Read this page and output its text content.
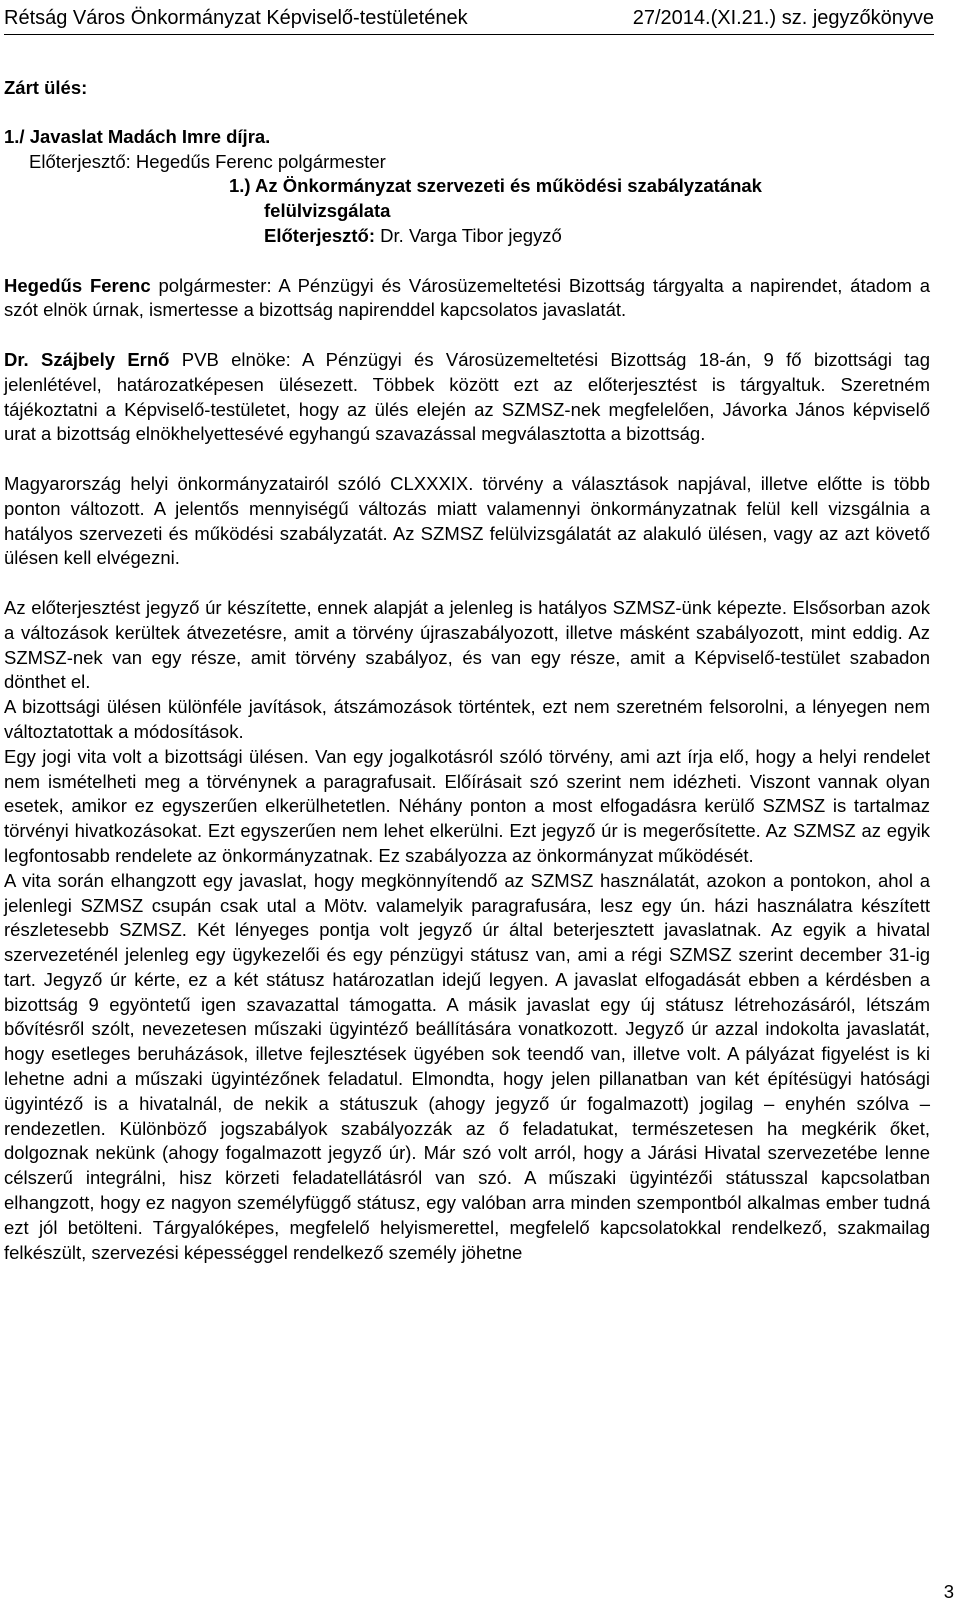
Rétság Város Önkormányzat Képviselő-testületének	27/2014.(XI.21.) sz. jegyzőkönyve

Zárt ülés:

1./ Javaslat Madách Imre díjra.

Előterjesztő: Hegedűs Ferenc polgármester

1.) Az Önkormányzat szervezeti és működési szabályzatának

felülvizsgálata

Előterjesztő: Dr. Varga Tibor jegyző

Hegedűs Ferenc polgármester: A Pénzügyi és Városüzemeltetési Bizottság tárgyalta a napirendet, átadom a szót elnök úrnak, ismertesse a bizottság napirenddel kapcsolatos javaslatát.

Dr. Szájbely Ernő PVB elnöke: A Pénzügyi és Városüzemeltetési Bizottság 18-án, 9 fő bizottsági tag jelenlétével, határozatképesen ülésezett. Többek között ezt az előterjesztést is tárgyaltuk. Szeretném tájékoztatni a Képviselő-testületet, hogy az ülés elején az SZMSZ-nek megfelelően, Jávorka János képviselő urat a bizottság elnökhelyettesévé egyhangú szavazással megválasztotta a bizottság.

Magyarország helyi önkormányzatairól szóló CLXXXIX. törvény a választások napjával, illetve előtte is több ponton változott. A jelentős mennyiségű változás miatt valamennyi önkormányzatnak felül kell vizsgálnia a hatályos szervezeti és működési szabályzatát. Az SZMSZ felülvizsgálatát az alakuló ülésen, vagy az azt követő ülésen kell elvégezni.

Az előterjesztést jegyző úr készítette, ennek alapját a jelenleg is hatályos SZMSZ-ünk képezte. Elsősorban azok a változások kerültek átvezetésre, amit a törvény újraszabályozott, illetve másként szabályozott, mint eddig. Az SZMSZ-nek van egy része, amit törvény szabályoz, és van egy része, amit a Képviselő-testület szabadon dönthet el.

A bizottsági ülésen különféle javítások, átszámozások történtek, ezt nem szeretném felsorolni, a lényegen nem változtatottak a módosítások.

Egy jogi vita volt a bizottsági ülésen. Van egy jogalkotásról szóló törvény, ami azt írja elő, hogy a helyi rendelet nem ismételheti meg a törvénynek a paragrafusait. Előírásait szó szerint nem idézheti. Viszont vannak olyan esetek, amikor ez egyszerűen elkerülhetetlen. Néhány ponton a most elfogadásra kerülő SZMSZ is tartalmaz törvényi hivatkozásokat. Ezt egyszerűen nem lehet elkerülni. Ezt jegyző úr is megerősítette. Az SZMSZ az egyik legfontosabb rendelete az önkormányzatnak. Ez szabályozza az önkormányzat működését.

A vita során elhangzott egy javaslat, hogy megkönnyítendő az SZMSZ használatát, azokon a pontokon, ahol a jelenlegi SZMSZ csupán csak utal a Mötv. valamelyik paragrafusára, lesz egy ún. házi használatra készített részletesebb SZMSZ. Két lényeges pontja volt jegyző úr által beterjesztett javaslatnak. Az egyik a hivatal szervezeténél jelenleg egy ügykezelői és egy pénzügyi státusz van, ami a régi SZMSZ szerint december 31-ig tart. Jegyző úr kérte, ez a két státusz határozatlan idejű legyen. A javaslat elfogadását ebben a kérdésben a bizottság 9 egyöntetű igen szavazattal támogatta. A másik javaslat egy új státusz létrehozásáról, létszám bővítésről szólt, nevezetesen műszaki ügyintéző beállítására vonatkozott. Jegyző úr azzal indokolta javaslatát, hogy esetleges beruházások, illetve fejlesztések ügyében sok teendő van, illetve volt. A pályázat figyelést is ki lehetne adni a műszaki ügyintézőnek feladatul. Elmondta, hogy jelen pillanatban van két építésügyi hatósági ügyintéző is a hivatalnál, de nekik a státuszuk (ahogy jegyző úr fogalmazott) jogilag – enyhén szólva – rendezetlen. Különböző jogszabályok szabályozzák az ő feladatukat, természetesen ha megkérik őket, dolgoznak nekünk (ahogy fogalmazott jegyző úr). Már szó volt arról, hogy a Járási Hivatal szervezetébe lenne célszerű integrálni, hisz körzeti feladatellátásról van szó. A műszaki ügyintézői státusszal kapcsolatban elhangzott, hogy ez nagyon személyfüggő státusz, egy valóban arra minden szempontból alkalmas ember tudná ezt jól betölteni. Tárgyalóképes, megfelelő helyismerettel, megfelelő kapcsolatokkal rendelkező, szakmailag felkészült, szervezési képességgel rendelkező személy jöhetne

3
